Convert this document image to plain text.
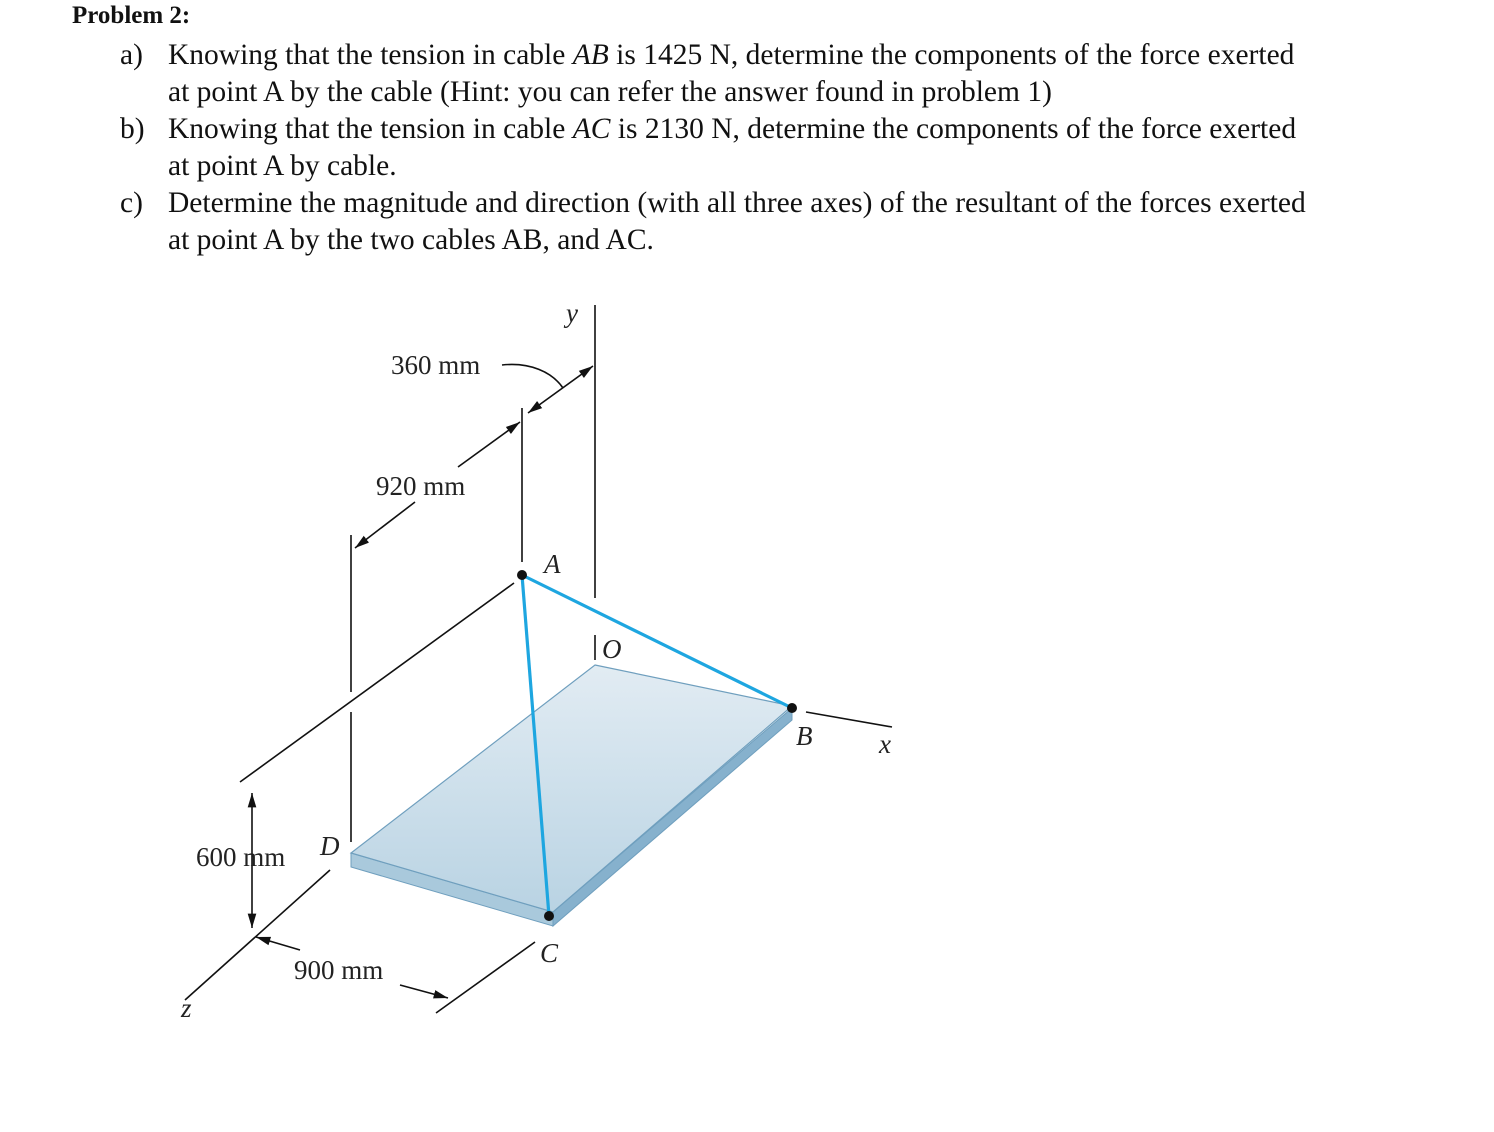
Problem 2:
a) Knowing that the tension in cable AB is 1425 N, determine the components of the force exerted
at point A by the cable (Hint: you can refer the answer found in problem 1)
b) Knowing that the tension in cable AC is 2130 N, determine the components of the force exerted
at point A by cable.
c) Determine the magnitude and direction (with all three axes) of the resultant of the forces exerted
at point A by the two cables AB, and AC.
360 mm
920 mm
600 mm
900 mm
A
B
C
D
O
x
y
z
